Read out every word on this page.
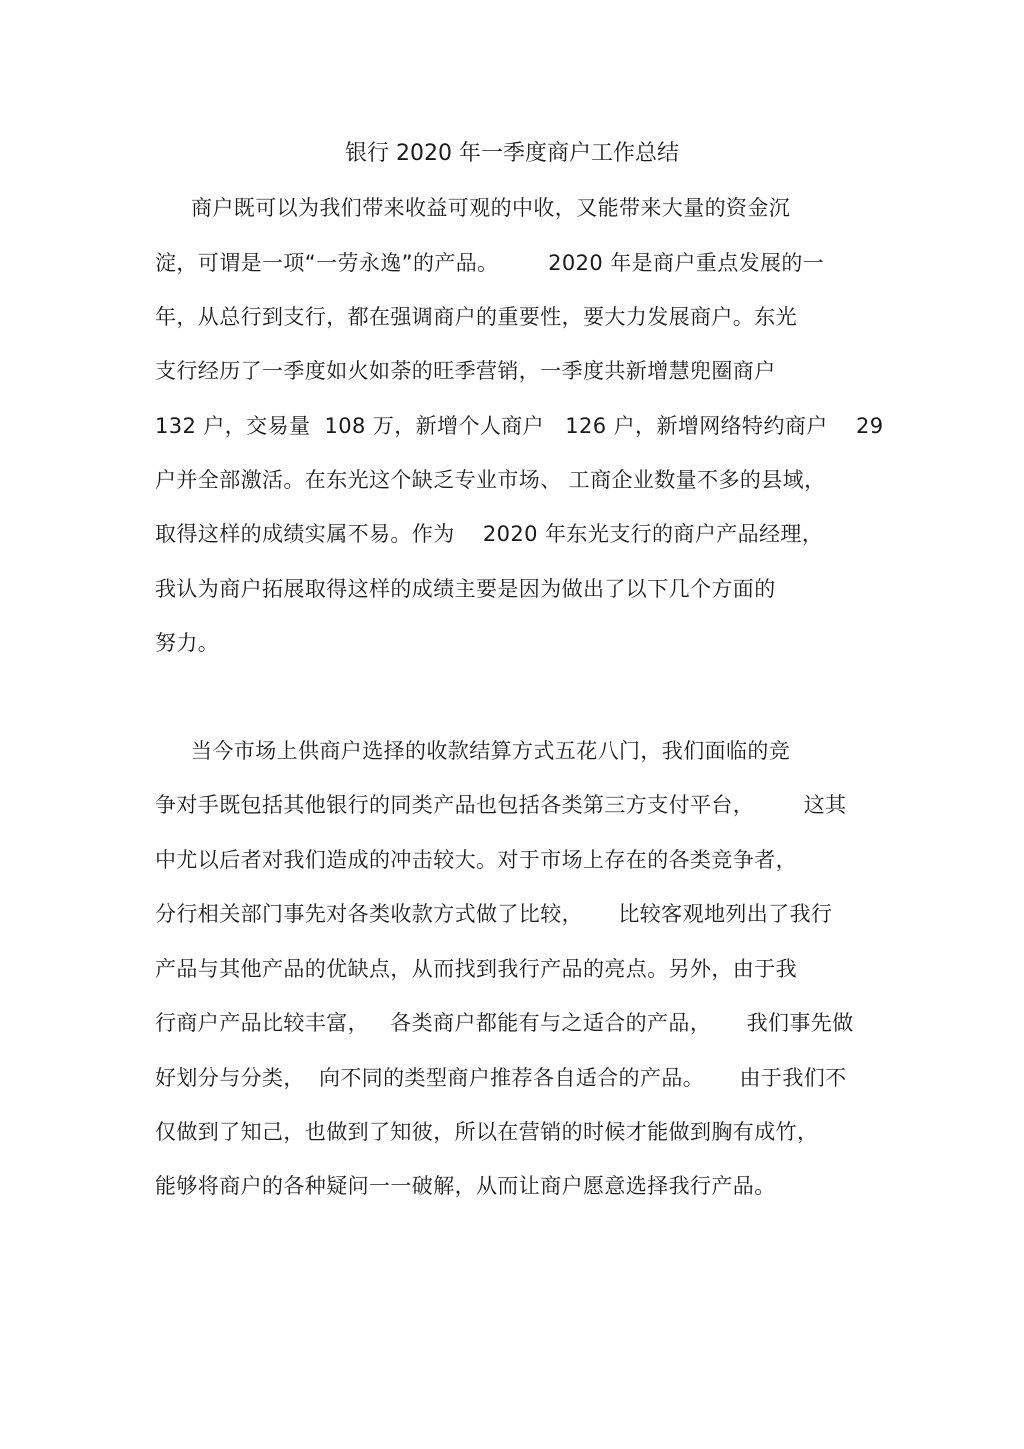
银行 2020 年一季度商户工作总结
商户既可以为我们带来收益可观的中收，又能带来大量的资金沉
淀，可谓是一项“一劳永逸”的产品。       2020 年是商户重点发展的一
年，从总行到支行，都在强调商户的重要性，要大力发展商户。东光
支行经历了一季度如火如荼的旺季营销，一季度共新增慧兜圈商户
132 户，交易量  108 万，新增个人商户   126 户，新增网络特约商户    29
户并全部激活。在东光这个缺乏专业市场、 工商企业数量不多的县域，
取得这样的成绩实属不易。作为    2020 年东光支行的商户产品经理，
我认为商户拓展取得这样的成绩主要是因为做出了以下几个方面的
努力。
当今市场上供商户选择的收款结算方式五花八门，我们面临的竞
争对手既包括其他银行的同类产品也包括各类第三方支付平台，       这其
中尤以后者对我们造成的冲击较大。对于市场上存在的各类竞争者，
分行相关部门事先对各类收款方式做了比较，     比较客观地列出了我行
产品与其他产品的优缺点，从而找到我行产品的亮点。另外，由于我
行商户产品比较丰富，   各类商户都能有与之适合的产品，     我们事先做
好划分与分类，  向不同的类型商户推荐各自适合的产品。     由于我们不
仅做到了知己，也做到了知彼，所以在营销的时候才能做到胸有成竹，
能够将商户的各种疑问一一破解，从而让商户愿意选择我行产品。
